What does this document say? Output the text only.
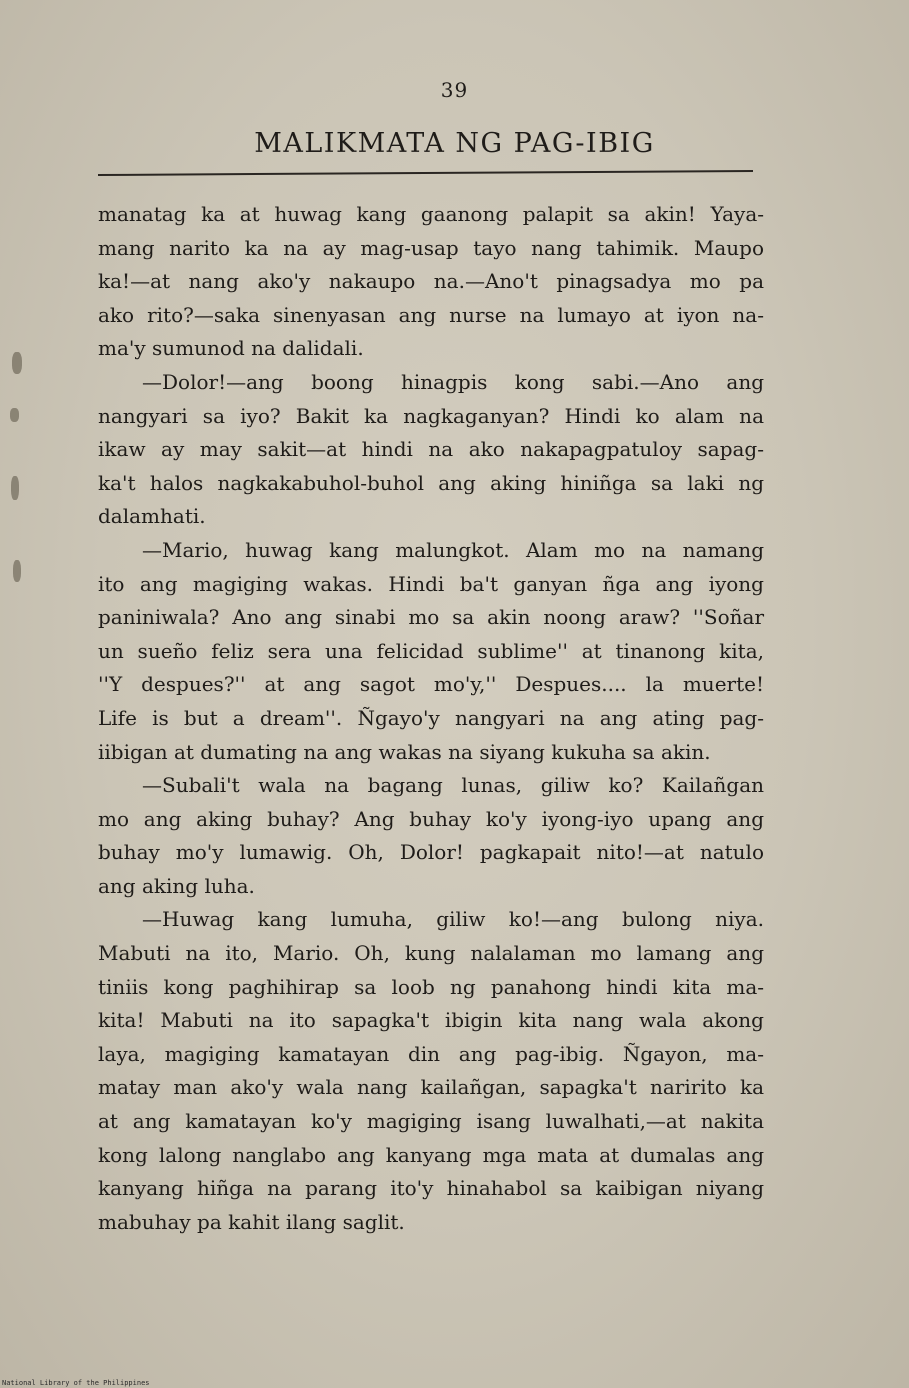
39
MALIKMATA NG PAG-IBIG
manatag ka at huwag kang gaanong palapit sa akin! Yaya-
mang narito ka na ay mag-usap tayo nang tahimik. Maupo
ka!—at nang ako'y nakaupo na.—Ano't pinagsadya mo pa
ako rito?—saka sinenyasan ang nurse na lumayo at iyon na-
ma'y sumunod na dalidali.
—Dolor!—ang boong hinagpis kong sabi.—Ano ang
nangyari sa iyo? Bakit ka nagkaganyan? Hindi ko alam na
ikaw ay may sakit—at hindi na ako nakapagpatuloy sapag-
ka't halos nagkakabuhol-buhol ang aking hiniñga sa laki ng
dalamhati.
—Mario, huwag kang malungkot. Alam mo na namang
ito ang magiging wakas. Hindi ba't ganyan ñga ang iyong
paniniwala? Ano ang sinabi mo sa akin noong araw? ''Soñar
un sueño feliz sera una felicidad sublime'' at tinanong kita,
''Y despues?'' at ang sagot mo'y,'' Despues.... la muerte!
Life is but a dream''. Ñgayo'y nangyari na ang ating pag-
iibigan at dumating na ang wakas na siyang kukuha sa akin.
—Subali't wala na bagang lunas, giliw ko? Kailañgan
mo ang aking buhay? Ang buhay ko'y iyong-iyo upang ang
buhay mo'y lumawig. Oh, Dolor! pagkapait nito!—at natulo
ang aking luha.
—Huwag kang lumuha, giliw ko!—ang bulong niya.
Mabuti na ito, Mario. Oh, kung nalalaman mo lamang ang
tiniis kong paghihirap sa loob ng panahong hindi kita ma-
kita! Mabuti na ito sapagka't ibigin kita nang wala akong
laya, magiging kamatayan din ang pag-ibig. Ñgayon, ma-
matay man ako'y wala nang kailañgan, sapagka't naririto ka
at ang kamatayan ko'y magiging isang luwalhati,—at nakita
kong lalong nanglabo ang kanyang mga mata at dumalas ang
kanyang hiñga na parang ito'y hinahabol sa kaibigan niyang
mabuhay pa kahit ilang saglit.
National Library of the Philippines
